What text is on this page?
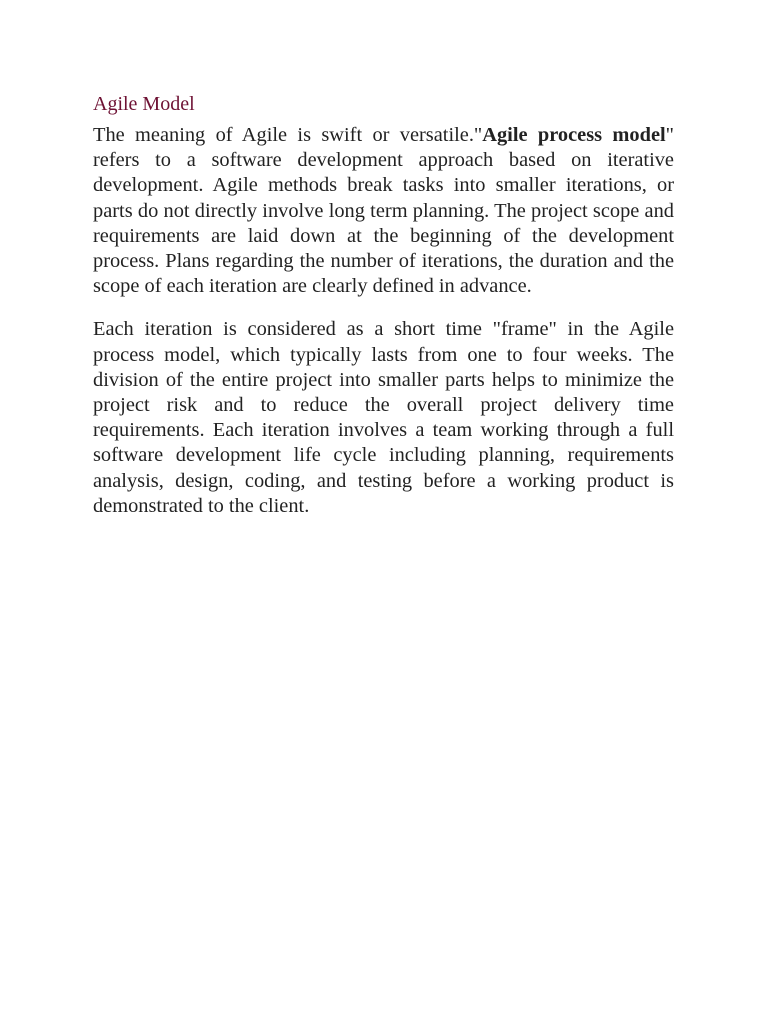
Agile Model

The meaning of Agile is swift or versatile."Agile process model" refers to a software development approach based on iterative development. Agile methods break tasks into smaller iterations, or parts do not directly involve long term planning. The project scope and requirements are laid down at the beginning of the development process. Plans regarding the number of iterations, the duration and the scope of each iteration are clearly defined in advance.

Each iteration is considered as a short time "frame" in the Agile process model, which typically lasts from one to four weeks. The division of the entire project into smaller parts helps to minimize the project risk and to reduce the overall project delivery time requirements. Each iteration involves a team working through a full software development life cycle including planning, requirements analysis, design, coding, and testing before a working product is demonstrated to the client.
